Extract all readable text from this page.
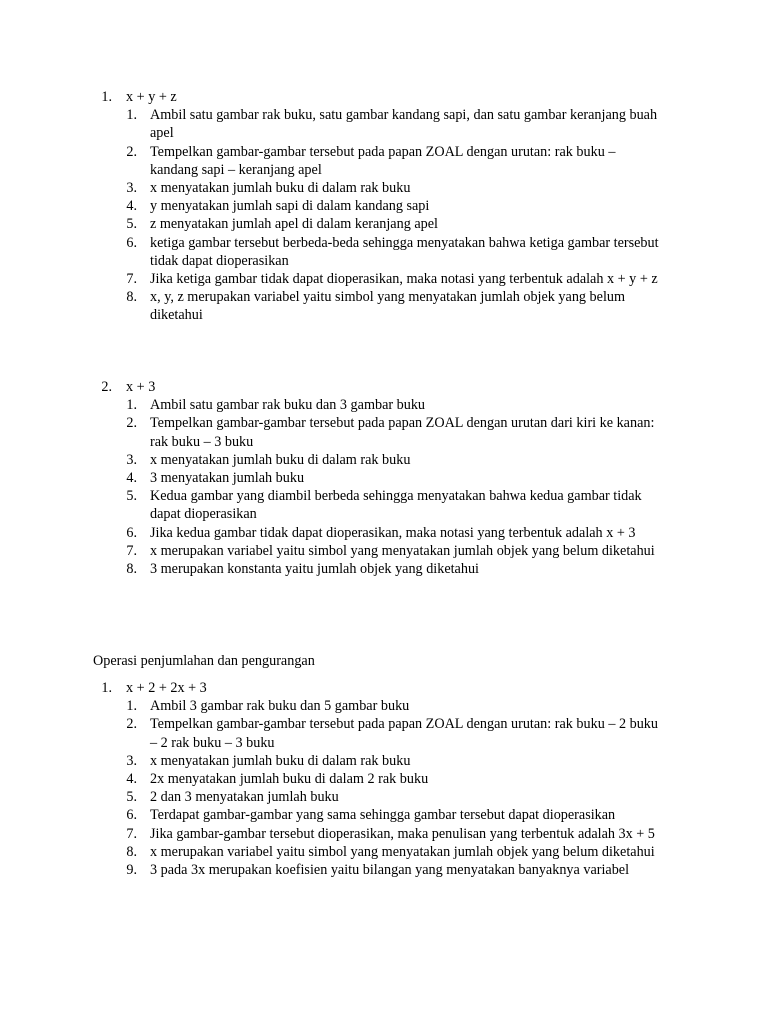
1. x + y + z
1. Ambil satu gambar rak buku, satu gambar kandang sapi, dan satu gambar keranjang buah apel
2. Tempelkan gambar-gambar tersebut pada papan ZOAL dengan urutan: rak buku – kandang sapi – keranjang apel
3. x menyatakan jumlah buku di dalam rak buku
4. y menyatakan jumlah sapi di dalam kandang sapi
5. z menyatakan jumlah apel di dalam keranjang apel
6. ketiga gambar tersebut berbeda-beda sehingga menyatakan bahwa ketiga gambar tersebut tidak dapat dioperasikan
7. Jika ketiga gambar tidak dapat dioperasikan, maka notasi yang terbentuk adalah x + y + z
8. x, y, z merupakan variabel yaitu simbol yang menyatakan jumlah objek yang belum diketahui
2. x + 3
1. Ambil satu gambar rak buku dan 3 gambar buku
2. Tempelkan gambar-gambar tersebut pada papan ZOAL dengan urutan dari kiri ke kanan: rak buku – 3 buku
3. x menyatakan jumlah buku di dalam rak buku
4. 3 menyatakan jumlah buku
5. Kedua gambar yang diambil berbeda sehingga menyatakan bahwa kedua gambar tidak dapat dioperasikan
6. Jika kedua gambar tidak dapat dioperasikan, maka notasi yang terbentuk adalah x + 3
7. x merupakan variabel yaitu simbol yang menyatakan jumlah objek yang belum diketahui
8. 3 merupakan konstanta yaitu jumlah objek yang diketahui
Operasi penjumlahan dan pengurangan
1. x + 2 + 2x + 3
1. Ambil 3 gambar rak buku dan 5 gambar buku
2. Tempelkan gambar-gambar tersebut pada papan ZOAL dengan urutan: rak buku – 2 buku – 2 rak buku – 3 buku
3. x menyatakan jumlah buku di dalam rak buku
4. 2x menyatakan jumlah buku di dalam 2 rak buku
5. 2 dan 3 menyatakan jumlah buku
6. Terdapat gambar-gambar yang sama sehingga gambar tersebut dapat dioperasikan
7. Jika gambar-gambar tersebut dioperasikan, maka penulisan yang terbentuk adalah 3x + 5
8. x merupakan variabel yaitu simbol yang menyatakan jumlah objek yang belum diketahui
9. 3 pada 3x merupakan koefisien yaitu bilangan yang menyatakan banyaknya variabel
